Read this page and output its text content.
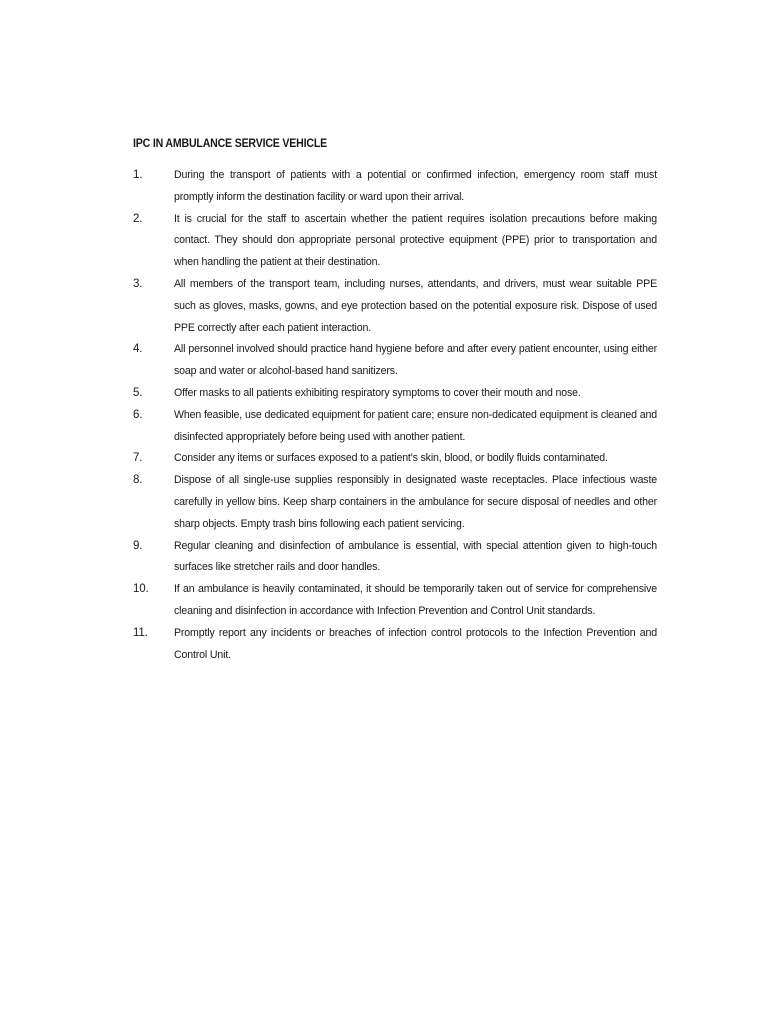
IPC IN AMBULANCE SERVICE VEHICLE
1.	During the transport of patients with a potential or confirmed infection, emergency room staff must promptly inform the destination facility or ward upon their arrival.
2.	It is crucial for the staff to ascertain whether the patient requires isolation precautions before making contact. They should don appropriate personal protective equipment (PPE) prior to transportation and when handling the patient at their destination.
3.	All members of the transport team, including nurses, attendants, and drivers, must wear suitable PPE such as gloves, masks, gowns, and eye protection based on the potential exposure risk. Dispose of used PPE correctly after each patient interaction.
4.	All personnel involved should practice hand hygiene before and after every patient encounter, using either soap and water or alcohol-based hand sanitizers.
5.	Offer masks to all patients exhibiting respiratory symptoms to cover their mouth and nose.
6.	When feasible, use dedicated equipment for patient care; ensure non-dedicated equipment is cleaned and disinfected appropriately before being used with another patient.
7.	Consider any items or surfaces exposed to a patient's skin, blood, or bodily fluids contaminated.
8.	Dispose of all single-use supplies responsibly in designated waste receptacles. Place infectious waste carefully in yellow bins. Keep sharp containers in the ambulance for secure disposal of needles and other sharp objects. Empty trash bins following each patient servicing.
9.	Regular cleaning and disinfection of ambulance is essential, with special attention given to high-touch surfaces like stretcher rails and door handles.
10.	If an ambulance is heavily contaminated, it should be temporarily taken out of service for comprehensive cleaning and disinfection in accordance with Infection Prevention and Control Unit standards.
11.	Promptly report any incidents or breaches of infection control protocols to the Infection Prevention and Control Unit.
